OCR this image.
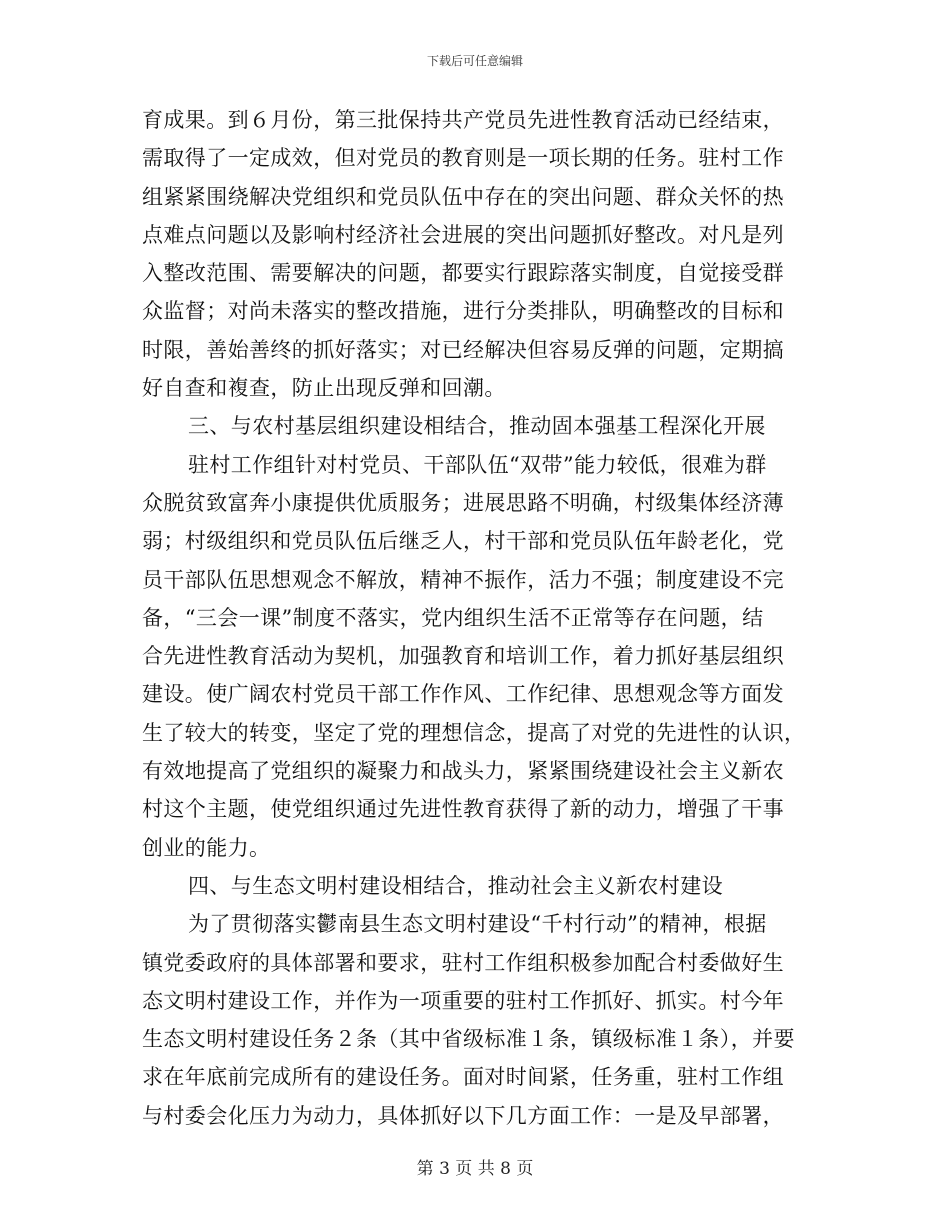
下载后可任意编辑
育成果。到６月份，第三批保持共产党员先进性教育活动已经结束，
需取得了一定成效，但对党员的教育则是一项长期的任务。驻村工作
组紧紧围绕解决党组织和党员队伍中存在的突出问题、群众关怀的热
点难点问题以及影响村经济社会进展的突出问题抓好整改。对凡是列
入整改范围、需要解决的问题，都要实行跟踪落实制度，自觉接受群
众监督；对尚未落实的整改措施，进行分类排队，明确整改的目标和
时限，善始善终的抓好落实；对已经解决但容易反弹的问题，定期搞
好自查和複查，防止出现反弹和回潮。
三、与农村基层组织建设相结合，推动固本强基工程深化开展
驻村工作组针对村党员、干部队伍“双带”能力较低，很难为群
众脱贫致富奔小康提供优质服务；进展思路不明确，村级集体经济薄
弱；村级组织和党员队伍后继乏人，村干部和党员队伍年龄老化，党
员干部队伍思想观念不解放，精神不振作，活力不强；制度建设不完
备，“三会一课”制度不落实，党内组织生活不正常等存在问题，结
合先进性教育活动为契机，加强教育和培训工作，着力抓好基层组织
建设。使广阔农村党员干部工作作风、工作纪律、思想观念等方面发
生了较大的转变，坚定了党的理想信念，提高了对党的先进性的认识，
有效地提高了党组织的凝聚力和战头力，紧紧围绕建设社会主义新农
村这个主题，使党组织通过先进性教育获得了新的动力，增强了干事
创业的能力。
四、与生态文明村建设相结合，推动社会主义新农村建设
为了贯彻落实鬱南县生态文明村建设“千村行动”的精神，根据
镇党委政府的具体部署和要求，驻村工作组积极参加配合村委做好生
态文明村建设工作，并作为一项重要的驻村工作抓好、抓实。村今年
生态文明村建设任务２条（其中省级标准１条，镇级标准１条），并要
求在年底前完成所有的建设任务。面对时间紧，任务重，驻村工作组
与村委会化压力为动力，具体抓好以下几方面工作：一是及早部署，
第 3 页 共 8 页
